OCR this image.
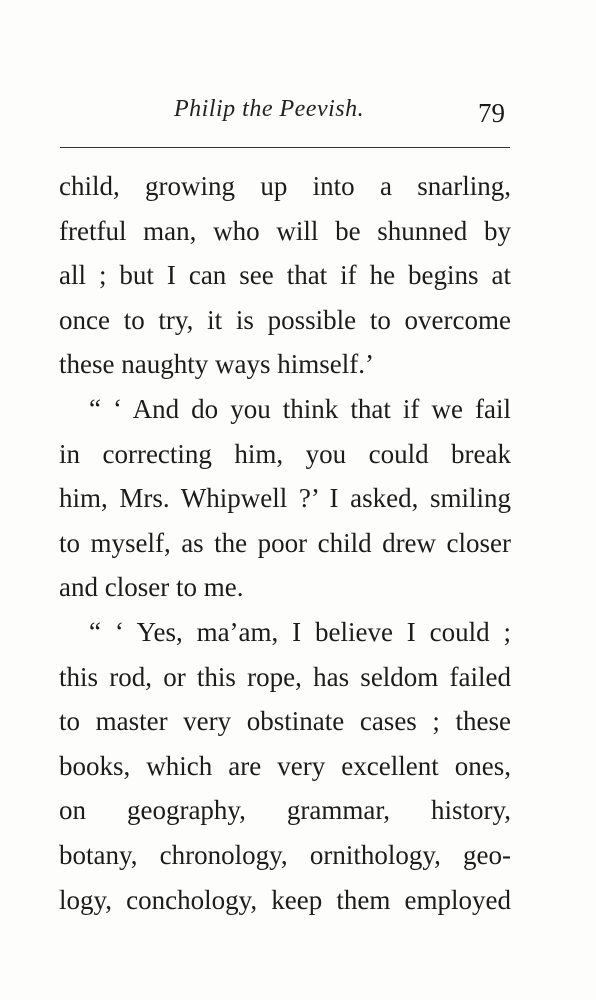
Philip the Peevish.	79
child, growing up into a snarling,
fretful man, who will be shunned by
all ; but I can see that if he begins at
once to try, it is possible to overcome
these naughty ways himself.’
“ ‘ And do you think that if we fail
in correcting him, you could break
him, Mrs. Whipwell ?’ I asked, smiling
to myself, as the poor child drew closer
and closer to me.
“ ‘ Yes, ma’am, I believe I could ;
this rod, or this rope, has seldom failed
to master very obstinate cases ; these
books, which are very excellent ones,
on geography, grammar, history,
botany, chronology, ornithology, geo-
logy, conchology, keep them employed
